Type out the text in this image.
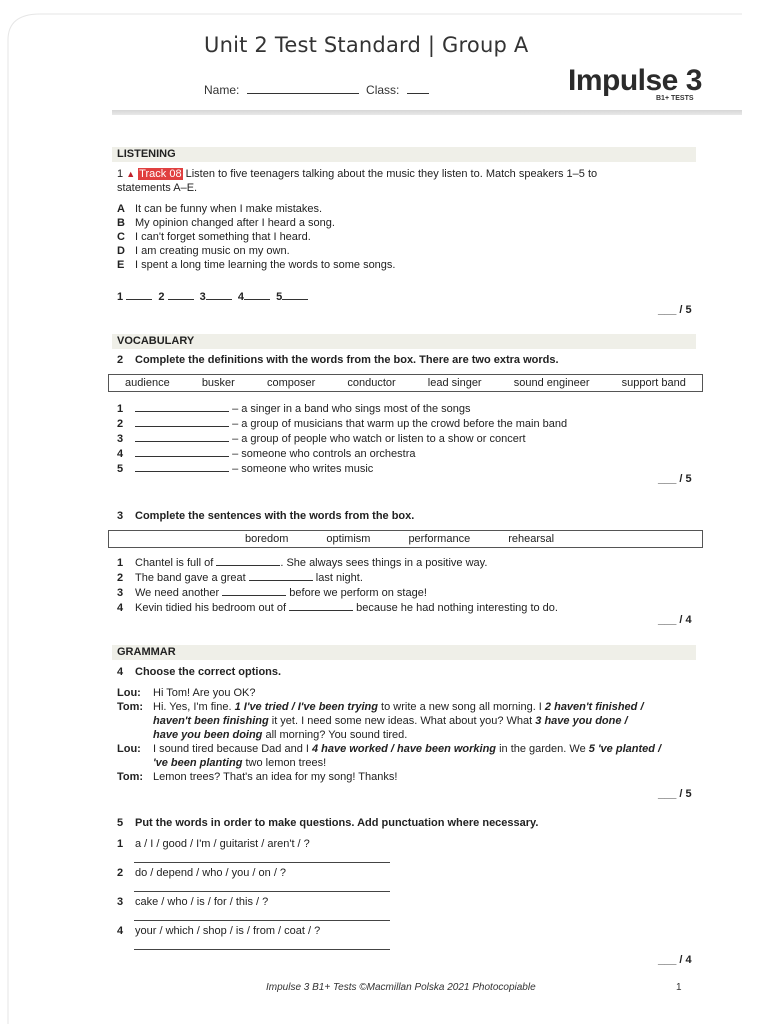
Unit 2 Test Standard | Group A
Name:	Class:	Impulse 3
B1+ TESTS
LISTENING
1 ▲ Track 08 Listen to five teenagers talking about the music they listen to. Match speakers 1–5 to
statements A–E.
A It can be funny when I make mistakes.
B My opinion changed after I heard a song.
C I can't forget something that I heard.
D I am creating music on my own.
E I spent a long time learning the words to some songs.
1	2	3	4	5
___ / 5
VOCABULARY
2 Complete the definitions with the words from the box. There are two extra words.
audience	busker	composer	conductor	lead singer	sound engineer	support band
1	– a singer in a band who sings most of the songs
2	– a group of musicians that warm up the crowd before the main band
3	– a group of people who watch or listen to a show or concert
4	– someone who controls an orchestra
5	– someone who writes music
___ / 5
3 Complete the sentences with the words from the box.
boredom	optimism	performance	rehearsal
1 Chantel is full of	. She always sees things in a positive way.
2 The band gave a great	last night.
3 We need another	before we perform on stage!
4 Kevin tidied his bedroom out of	because he had nothing interesting to do.
___ / 4
GRAMMAR
4 Choose the correct options.
Lou: Hi Tom! Are you OK?
Tom: Hi. Yes, I'm fine. 1 I've tried / I've been trying to write a new song all morning. I 2 haven't finished /
haven't been finishing it yet. I need some new ideas. What about you? What 3 have you done /
have you been doing all morning? You sound tired.
Lou: I sound tired because Dad and I 4 have worked / have been working in the garden. We 5 've planted /
've been planting two lemon trees!
Tom: Lemon trees? That's an idea for my song! Thanks!
___ / 5
5 Put the words in order to make questions. Add punctuation where necessary.
1 a / I / good / I'm / guitarist / aren't / ?
2 do / depend / who / you / on / ?
3 cake / who / is / for / this / ?
4 your / which / shop / is / from / coat / ?
___ / 4
Impulse 3 B1+ Tests ©Macmillan Polska 2021 Photocopiable	1
